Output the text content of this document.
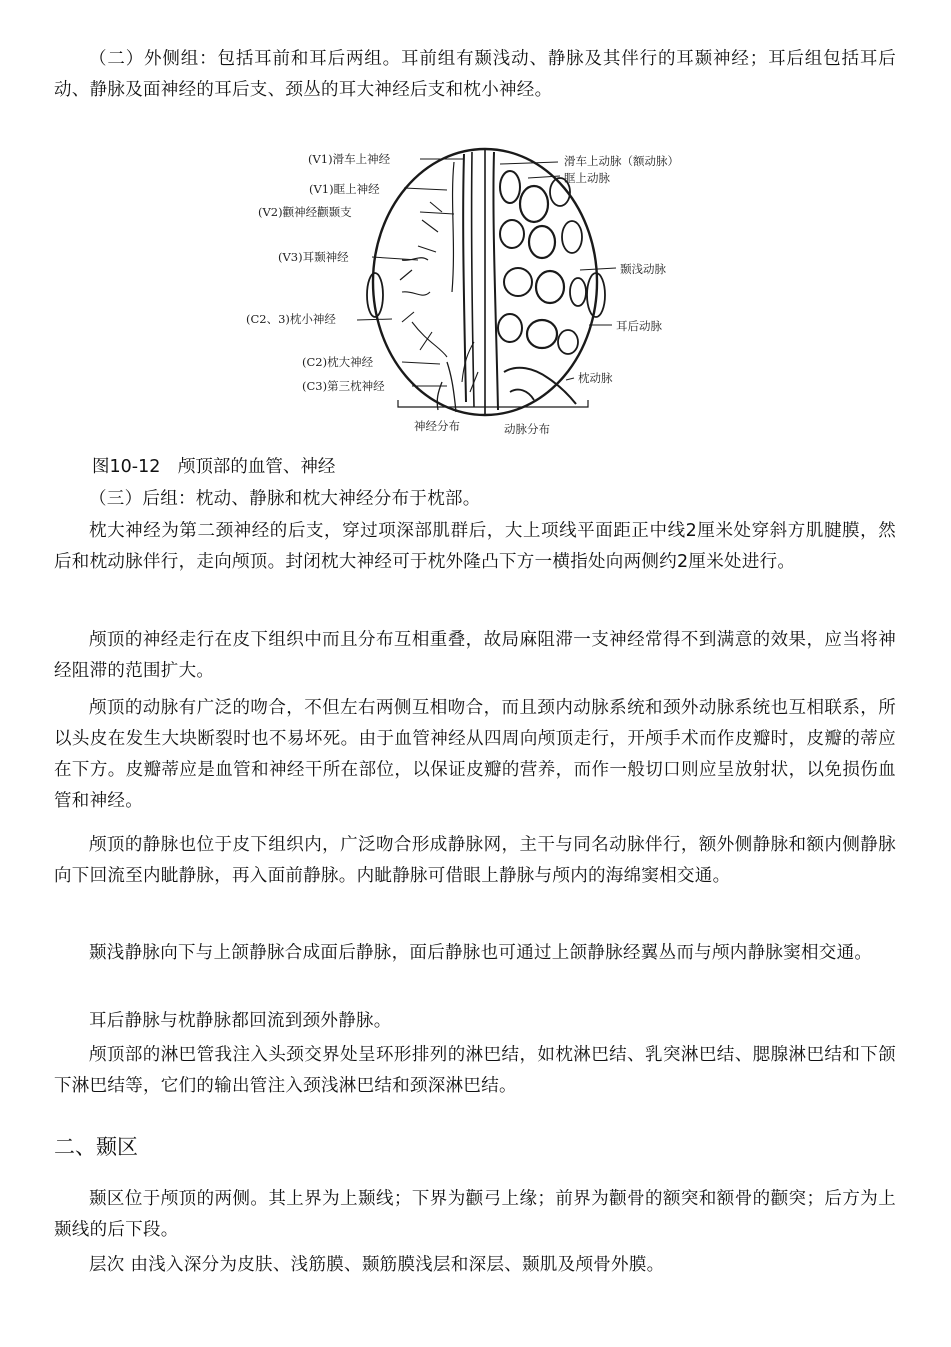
（二）外侧组：包括耳前和耳后两组。耳前组有颞浅动、静脉及其伴行的耳颞神经；耳后组包括耳后动、静脉及面神经的耳后支、颈丛的耳大神经后支和枕小神经。

(V1)滑车上神经
(V1)眶上神经
(V2)颧神经颧颞支
(V3)耳颞神经
(C2、3)枕小神经
(C2)枕大神经
(C3)第三枕神经
滑车上动脉（额动脉）
眶上动脉
颞浅动脉
耳后动脉
枕动脉
神经分布	动脉分布

图10-12　颅顶部的血管、神经

（三）后组：枕动、静脉和枕大神经分布于枕部。

枕大神经为第二颈神经的后支，穿过项深部肌群后，大上项线平面距正中线2厘米处穿斜方肌腱膜，然后和枕动脉伴行，走向颅顶。封闭枕大神经可于枕外隆凸下方一横指处向两侧约2厘米处进行。

颅顶的神经走行在皮下组织中而且分布互相重叠，故局麻阻滞一支神经常得不到满意的效果，应当将神经阻滞的范围扩大。

颅顶的动脉有广泛的吻合，不但左右两侧互相吻合，而且颈内动脉系统和颈外动脉系统也互相联系，所以头皮在发生大块断裂时也不易坏死。由于血管神经从四周向颅顶走行，开颅手术而作皮瓣时，皮瓣的蒂应在下方。皮瓣蒂应是血管和神经干所在部位，以保证皮瓣的营养，而作一般切口则应呈放射状，以免损伤血管和神经。

颅顶的静脉也位于皮下组织内，广泛吻合形成静脉网，主干与同名动脉伴行，额外侧静脉和额内侧静脉向下回流至内眦静脉，再入面前静脉。内眦静脉可借眼上静脉与颅内的海绵窦相交通。

颞浅静脉向下与上颌静脉合成面后静脉，面后静脉也可通过上颌静脉经翼丛而与颅内静脉窦相交通。

耳后静脉与枕静脉都回流到颈外静脉。

颅顶部的淋巴管我注入头颈交界处呈环形排列的淋巴结，如枕淋巴结、乳突淋巴结、腮腺淋巴结和下颌下淋巴结等，它们的输出管注入颈浅淋巴结和颈深淋巴结。

二、颞区

颞区位于颅顶的两侧。其上界为上颞线；下界为颧弓上缘；前界为颧骨的额突和额骨的颧突；后方为上颞线的后下段。

层次 由浅入深分为皮肤、浅筋膜、颞筋膜浅层和深层、颞肌及颅骨外膜。
